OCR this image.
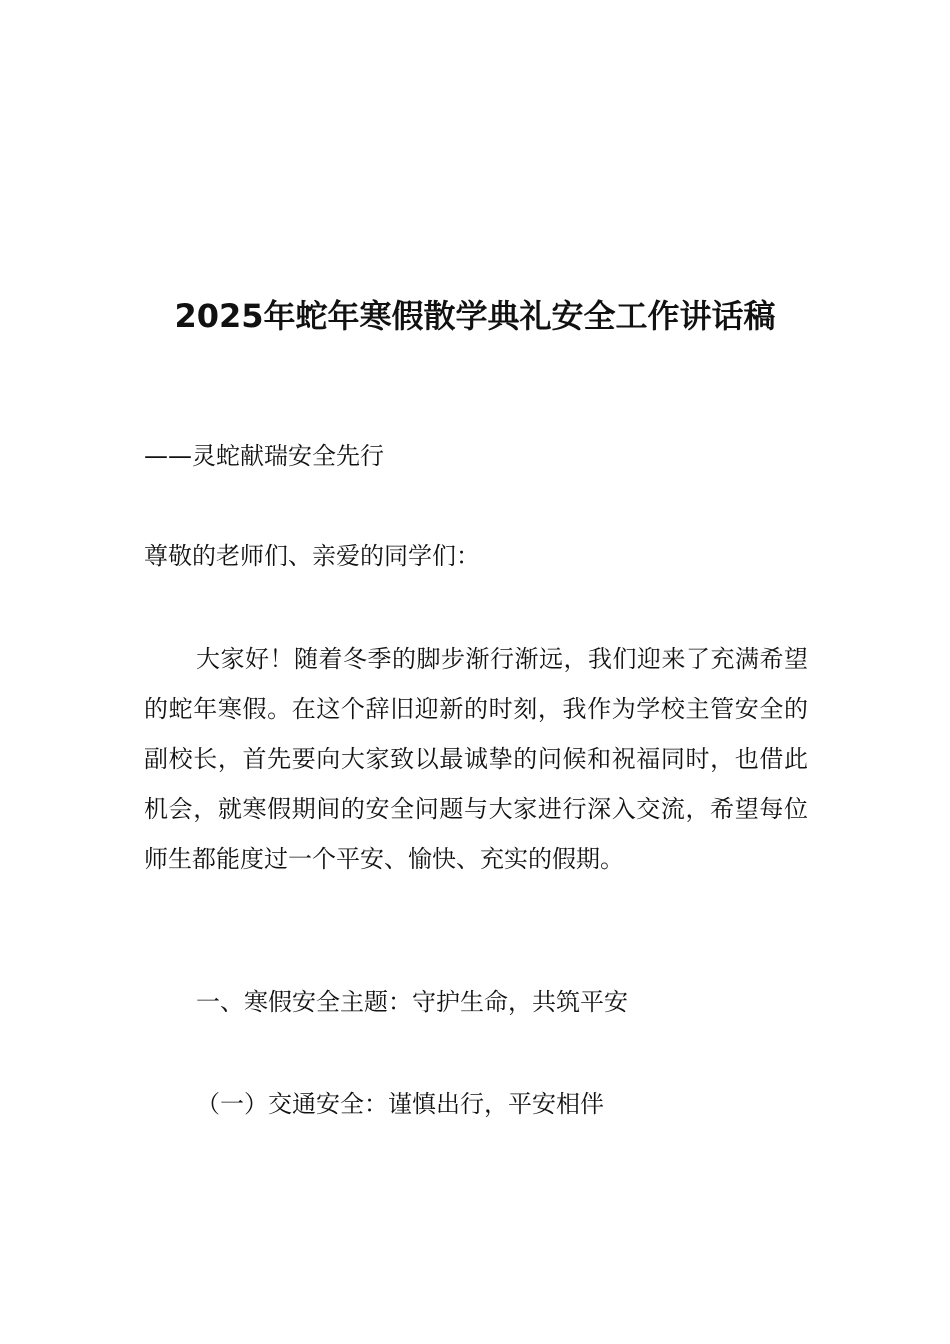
2025年蛇年寒假散学典礼安全工作讲话稿
——灵蛇献瑞安全先行
尊敬的老师们、亲爱的同学们：
大家好！随着冬季的脚步渐行渐远，我们迎来了充满希望的蛇年寒假。在这个辞旧迎新的时刻，我作为学校主管安全的副校长，首先要向大家致以最诚挚的问候和祝福同时，也借此机会，就寒假期间的安全问题与大家进行深入交流，希望每位师生都能度过一个平安、愉快、充实的假期。
一、寒假安全主题：守护生命，共筑平安
（一）交通安全：谨慎出行，平安相伴
